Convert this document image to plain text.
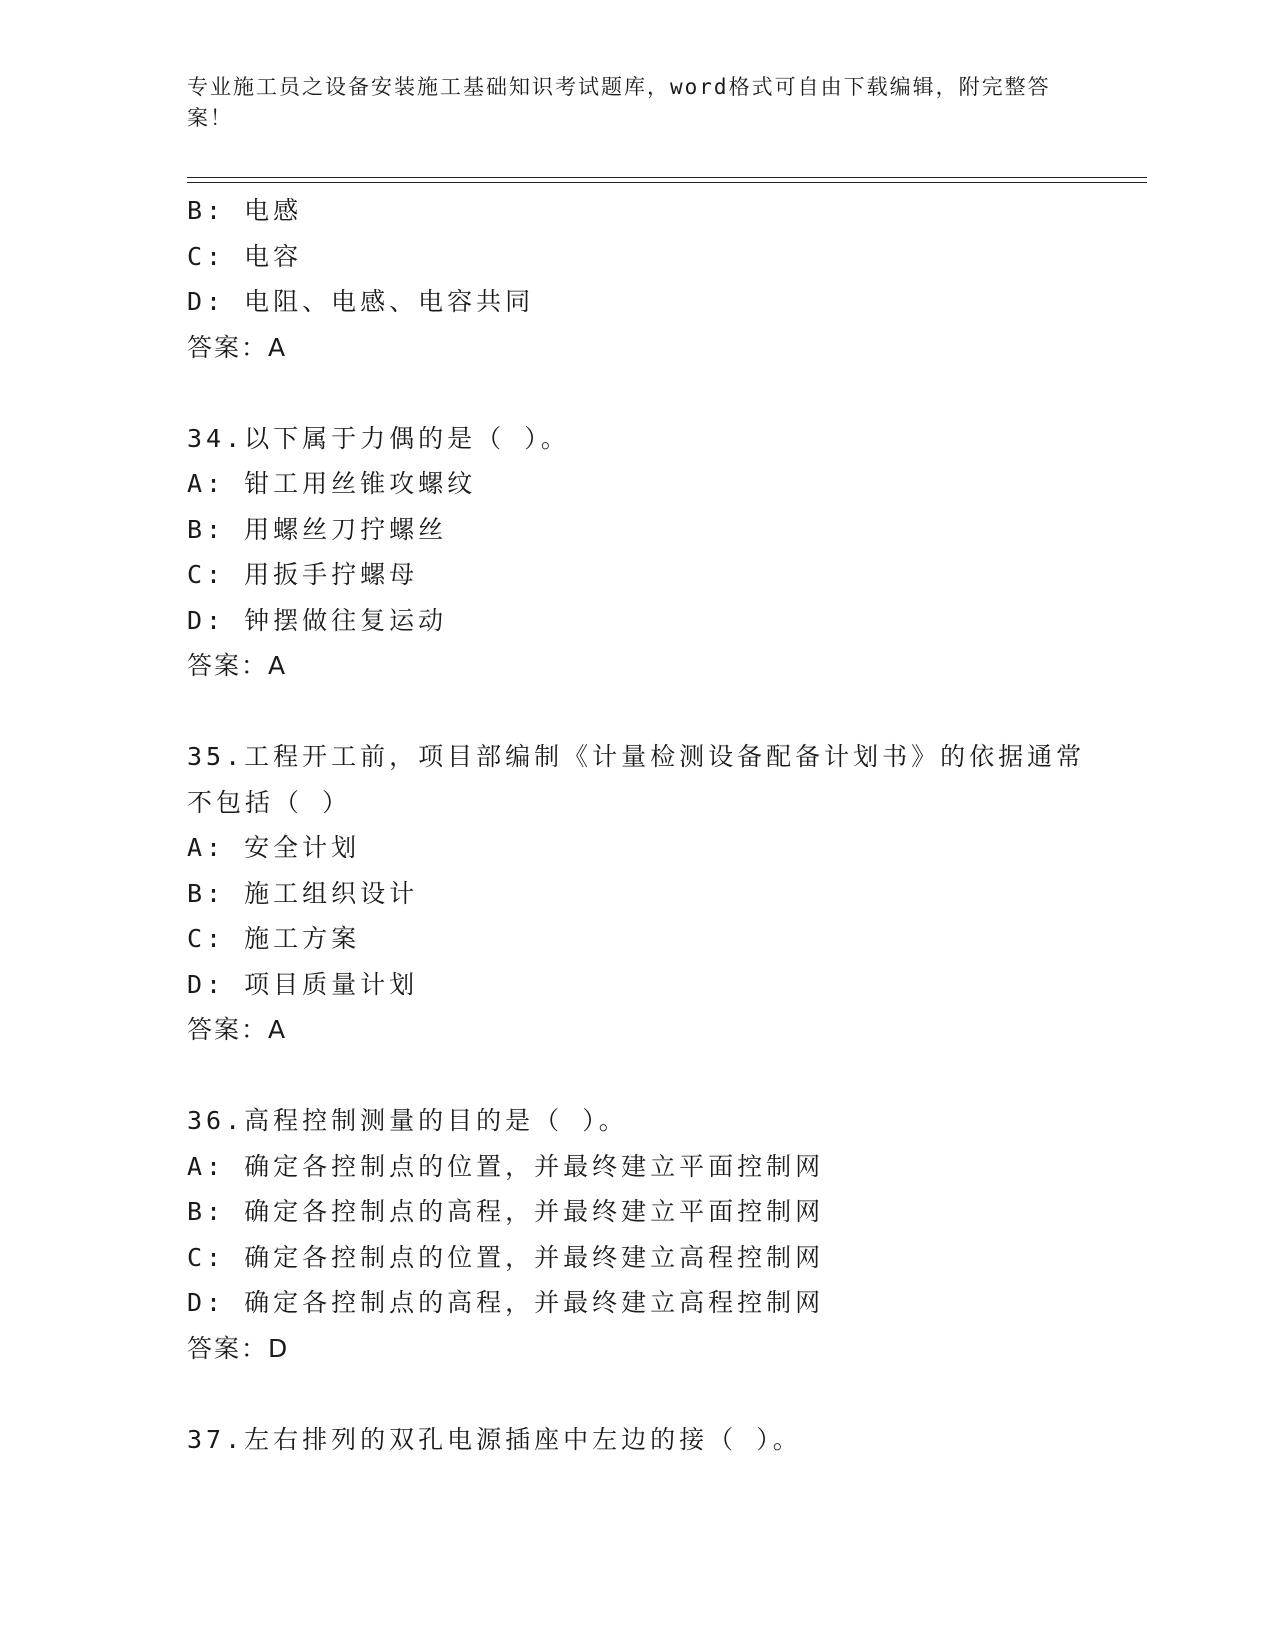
专业施工员之设备安装施工基础知识考试题库，word格式可自由下载编辑，附完整答案！
B: 电感
C: 电容
D: 电阻、电感、电容共同
答案：A
34.以下属于力偶的是（ ）。
A: 钳工用丝锥攻螺纹
B: 用螺丝刀拧螺丝
C: 用扳手拧螺母
D: 钟摆做往复运动
答案：A
35.工程开工前，项目部编制《计量检测设备配备计划书》的依据通常
不包括（ ）
A: 安全计划
B: 施工组织设计
C: 施工方案
D: 项目质量计划
答案：A
36.高程控制测量的目的是（ ）。
A: 确定各控制点的位置，并最终建立平面控制网
B: 确定各控制点的高程，并最终建立平面控制网
C: 确定各控制点的位置，并最终建立高程控制网
D: 确定各控制点的高程，并最终建立高程控制网
答案：D
37.左右排列的双孔电源插座中左边的接（ ）。
